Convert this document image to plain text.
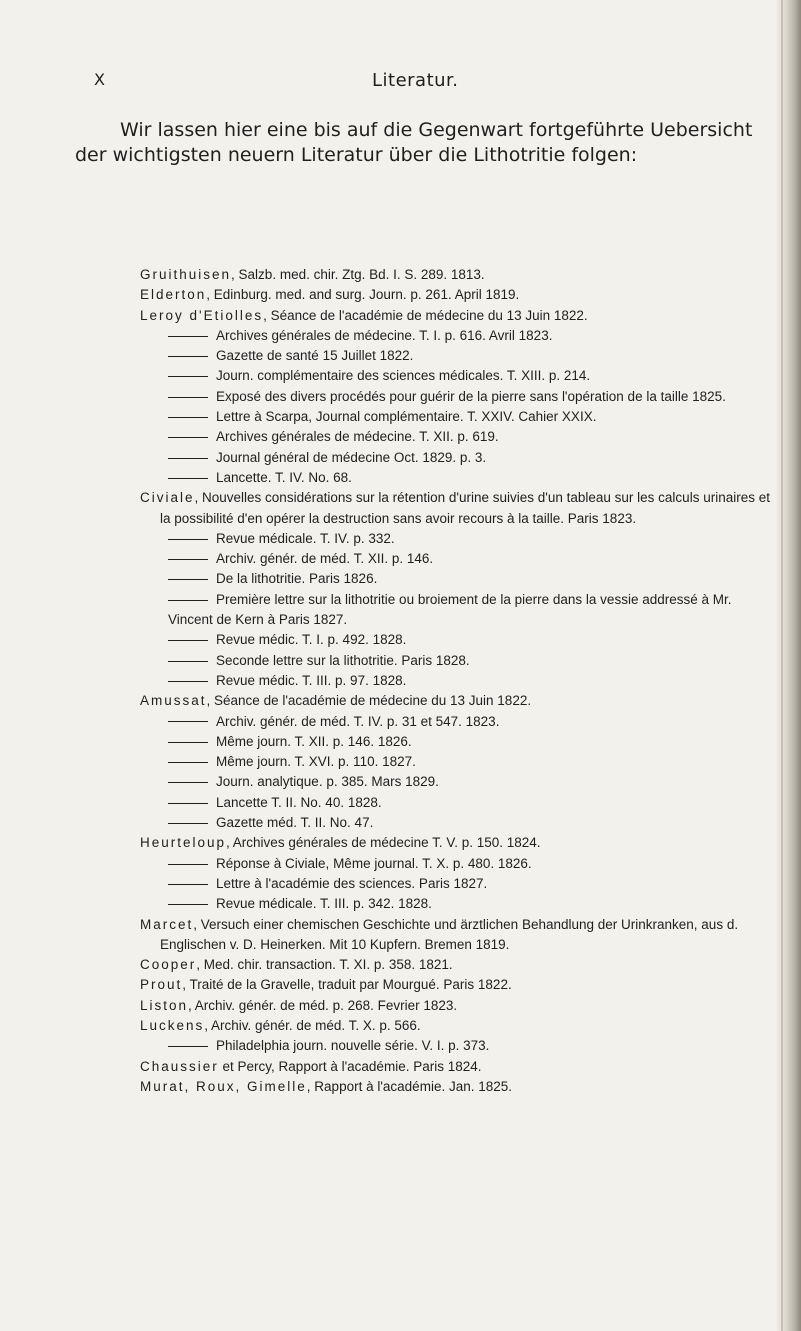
X	Literatur.
Wir lassen hier eine bis auf die Gegenwart fortgeführte Uebersicht der wichtigsten neuern Literatur über die Lithotritie folgen:
Gruithuisen, Salzb. med. chir. Ztg. Bd. I. S. 289. 1813.
Elderton, Edinburg. med. and surg. Journ. p. 261. April 1819.
Leroy d'Etiolles, Séance de l'académie de médecine du 13 Juin 1822.
Archives générales de médecine. T. I. p. 616. Avril 1823.
Gazette de santé 15 Juillet 1822.
Journ. complémentaire des sciences médicales. T. XIII. p. 214.
Exposé des divers procédés pour guérir de la pierre sans l'opération de la taille 1825.
Lettre à Scarpa, Journal complémentaire. T. XXIV. Cahier XXIX.
Archives générales de médecine. T. XII. p. 619.
Journal général de médecine Oct. 1829. p. 3.
Lancette. T. IV. No. 68.
Civiale, Nouvelles considérations sur la rétention d'urine suivies d'un tableau sur les calculs urinaires et la possibilité d'en opérer la destruction sans avoir recours à la taille. Paris 1823.
Revue médicale. T. IV. p. 332.
Archiv. génér. de méd. T. XII. p. 146.
De la lithotritie. Paris 1826.
Première lettre sur la lithotritie ou broiement de la pierre dans la vessie addressé à Mr. Vincent de Kern à Paris 1827.
Revue médic. T. I. p. 492. 1828.
Seconde lettre sur la lithotritie. Paris 1828.
Revue médic. T. III. p. 97. 1828.
Amussat, Séance de l'académie de médecine du 13 Juin 1822.
Archiv. génér. de méd. T. IV. p. 31 et 547. 1823.
Même journ. T. XII. p. 146. 1826.
Même journ. T. XVI. p. 110. 1827.
Journ. analytique. p. 385. Mars 1829.
Lancette T. II. No. 40. 1828.
Gazette méd. T. II. No. 47.
Heurteloup, Archives générales de médecine T. V. p. 150. 1824.
Réponse à Civiale, Même journal. T. X. p. 480. 1826.
Lettre à l'académie des sciences. Paris 1827.
Revue médicale. T. III. p. 342. 1828.
Marcet, Versuch einer chemischen Geschichte und ärztlichen Behandlung der Urinkranken, aus d. Englischen v. D. Heinerken. Mit 10 Kupfern. Bremen 1819.
Cooper, Med. chir. transaction. T. XI. p. 358. 1821.
Prout, Traité de la Gravelle, traduit par Mourgué. Paris 1822.
Liston, Archiv. génér. de méd. p. 268. Fevrier 1823.
Luckens, Archiv. génér. de méd. T. X. p. 566.
Philadelphia journ. nouvelle série. V. I. p. 373.
Chaussier et Percy, Rapport à l'académie. Paris 1824.
Murat, Roux, Gimelle, Rapport à l'académie. Jan. 1825.
